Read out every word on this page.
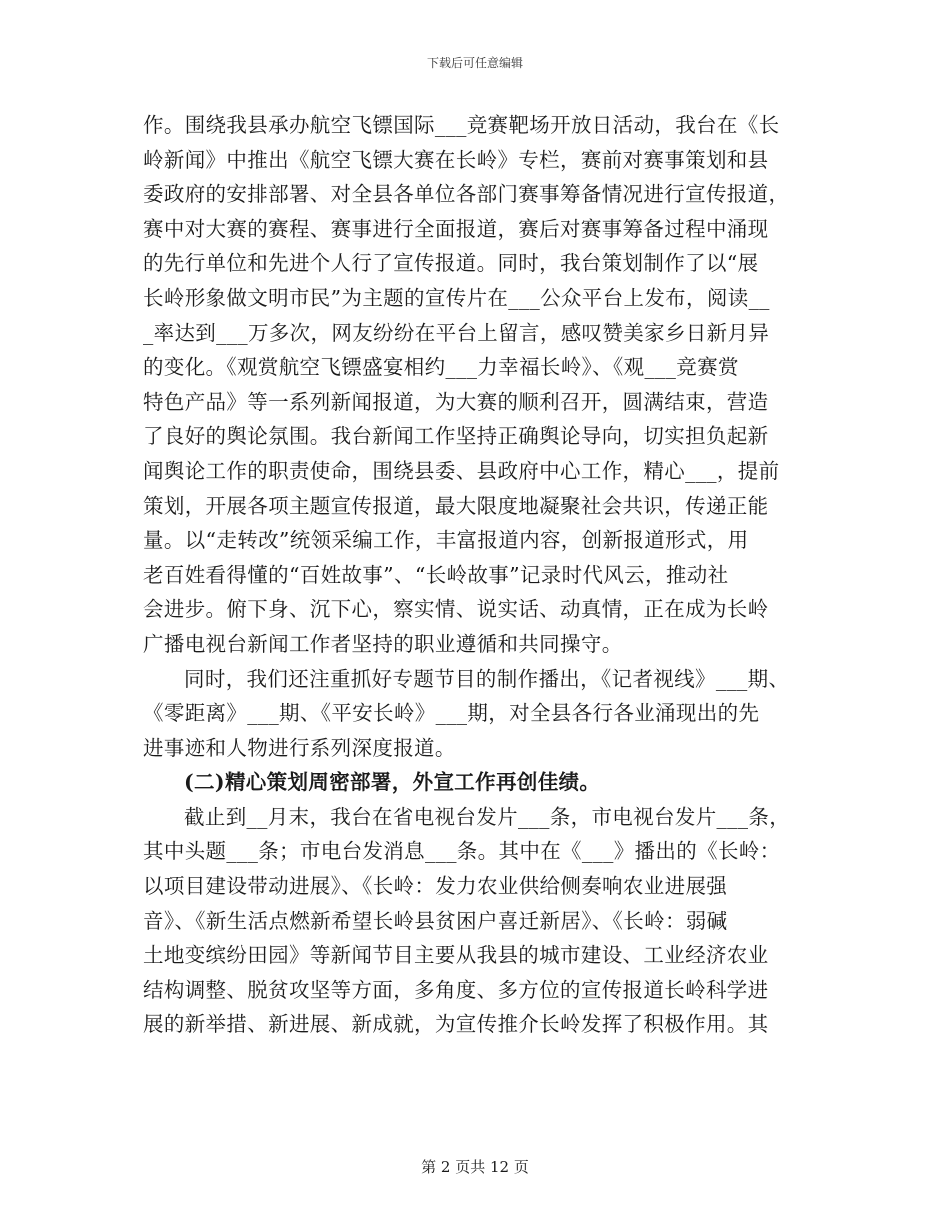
下载后可任意编辑
作。围绕我县承办航空飞镖国际___竞赛靶场开放日活动，我台在《长
岭新闻》中推出《航空飞镖大赛在长岭》专栏，赛前对赛事策划和县
委政府的安排部署、对全县各单位各部门赛事筹备情况进行宣传报道，
赛中对大赛的赛程、赛事进行全面报道，赛后对赛事筹备过程中涌现
的先行单位和先进个人行了宣传报道。同时，我台策划制作了以“展
长岭形象做文明市民”为主题的宣传片在___公众平台上发布，阅读__
_率达到___万多次，网友纷纷在平台上留言，感叹赞美家乡日新月异
的变化。《观赏航空飞镖盛宴相约___力幸福长岭》、《观___竞赛赏
特色产品》等一系列新闻报道，为大赛的顺利召开，圆满结束，营造
了良好的舆论氛围。我台新闻工作坚持正确舆论导向，切实担负起新
闻舆论工作的职责使命，围绕县委、县政府中心工作，精心___，提前
策划，开展各项主题宣传报道，最大限度地凝聚社会共识，传递正能
量。以“走转改”统领采编工作，丰富报道内容，创新报道形式，用
老百姓看得懂的“百姓故事”、“长岭故事”记录时代风云，推动社
会进步。俯下身、沉下心，察实情、说实话、动真情，正在成为长岭
广播电视台新闻工作者坚持的职业遵循和共同操守。
同时，我们还注重抓好专题节目的制作播出，《记者视线》___期、
《零距离》___期、《平安长岭》___期，对全县各行各业涌现出的先
进事迹和人物进行系列深度报道。
(二)精心策划周密部署，外宣工作再创佳绩。
截止到__月末，我台在省电视台发片___条，市电视台发片___条，
其中头题___条；市电台发消息___条。其中在《___》播出的《长岭：
以项目建设带动进展》、《长岭：发力农业供给侧奏响农业进展强
音》、《新生活点燃新希望长岭县贫困户喜迁新居》、《长岭：弱碱
土地变缤纷田园》等新闻节目主要从我县的城市建设、工业经济农业
结构调整、脱贫攻坚等方面，多角度、多方位的宣传报道长岭科学进
展的新举措、新进展、新成就，为宣传推介长岭发挥了积极作用。其
第 2 页共 12 页
